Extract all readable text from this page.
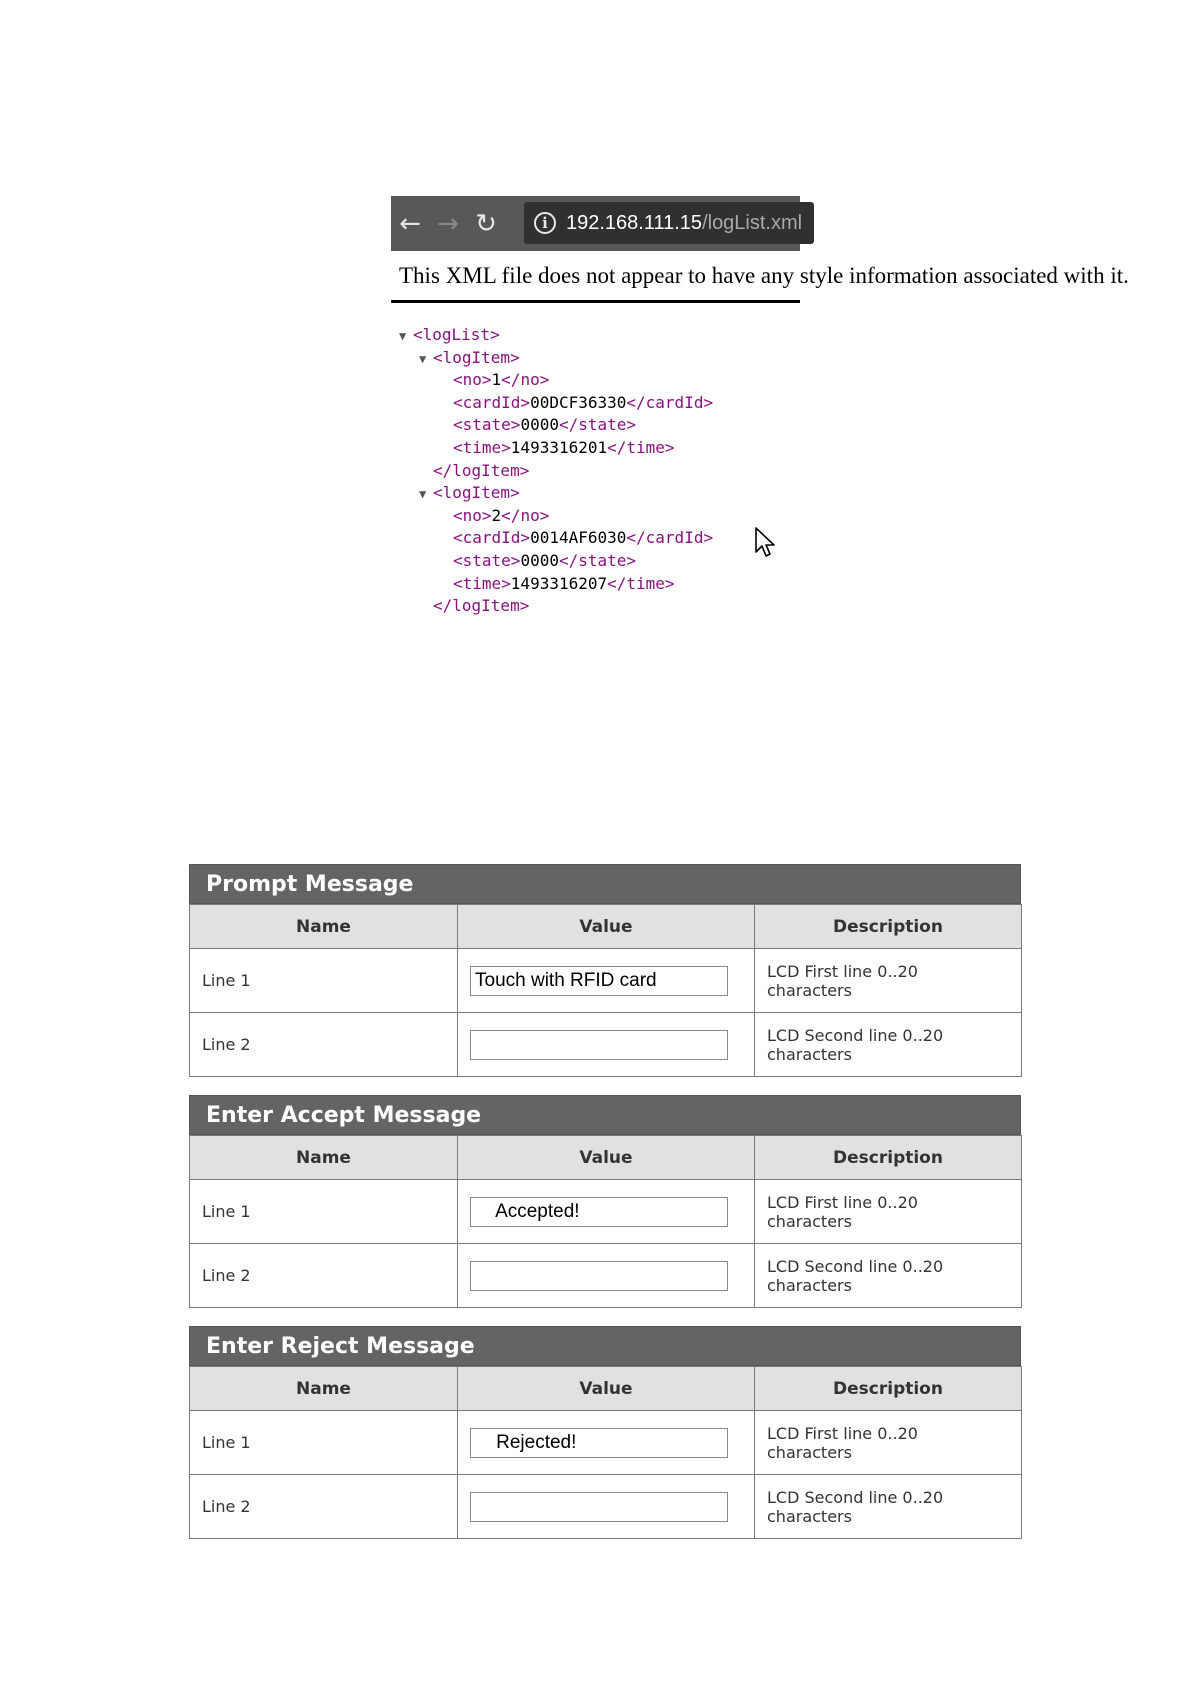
← → ↻	i 192.168.111.15 /logList.xml
This XML file does not appear to have any style information associated with it.
▼ <logList>
▼ <logItem>
<no>1</no>
<cardId>00DCF36330</cardId>
<state>0000</state>
<time>1493316201</time>
</logItem>
▼ <logItem>
<no>2</no>
<cardId>0014AF6030</cardId>
<state>0000</state>
<time>1493316207</time>
</logItem>
Prompt Message
Name	Value	Description
Line 1	Touch with RFID card	LCD First line 0..20 characters

Line 2		LCD Second line 0..20 characters
Enter Accept Message
Name	Value	Description
Line 1	Accepted!	LCD First line 0..20 characters

Line 2		LCD Second line 0..20 characters
Enter Reject Message
Name	Value	Description
Line 1	Rejected!	LCD First line 0..20 characters

Line 2		LCD Second line 0..20 characters
